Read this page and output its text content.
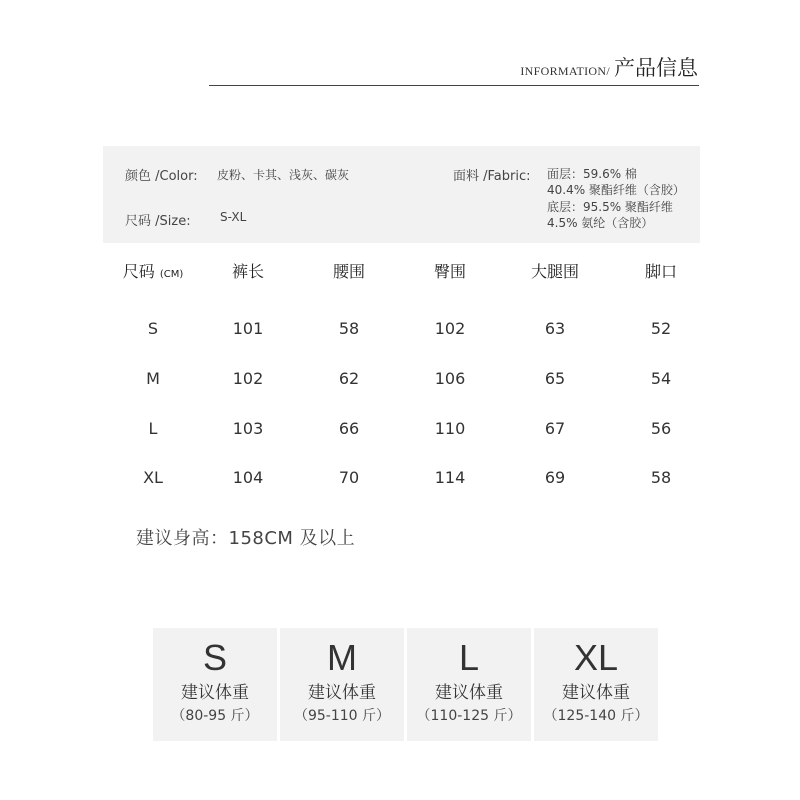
INFORMATION/ 产品信息
颜色 /Color: 皮粉、卡其、浅灰、碳灰
尺码 /Size: S-XL
面料 /Fabric: 面层：59.6% 棉
40.4% 聚酯纤维（含胶）
底层：95.5% 聚酯纤维
4.5% 氨纶（含胶）
尺码 (CM)	裤长	腰围	臀围	大腿围	脚口
S	101	58	102	63	52
M	102	62	106	65	54
L	103	66	110	67	56
XL	104	70	114	69	58
建议身高：158CM 及以上
S
建议体重
（80-95 斤）
M
建议体重
（95-110 斤）
L
建议体重
（110-125 斤）
XL
建议体重
（125-140 斤）
